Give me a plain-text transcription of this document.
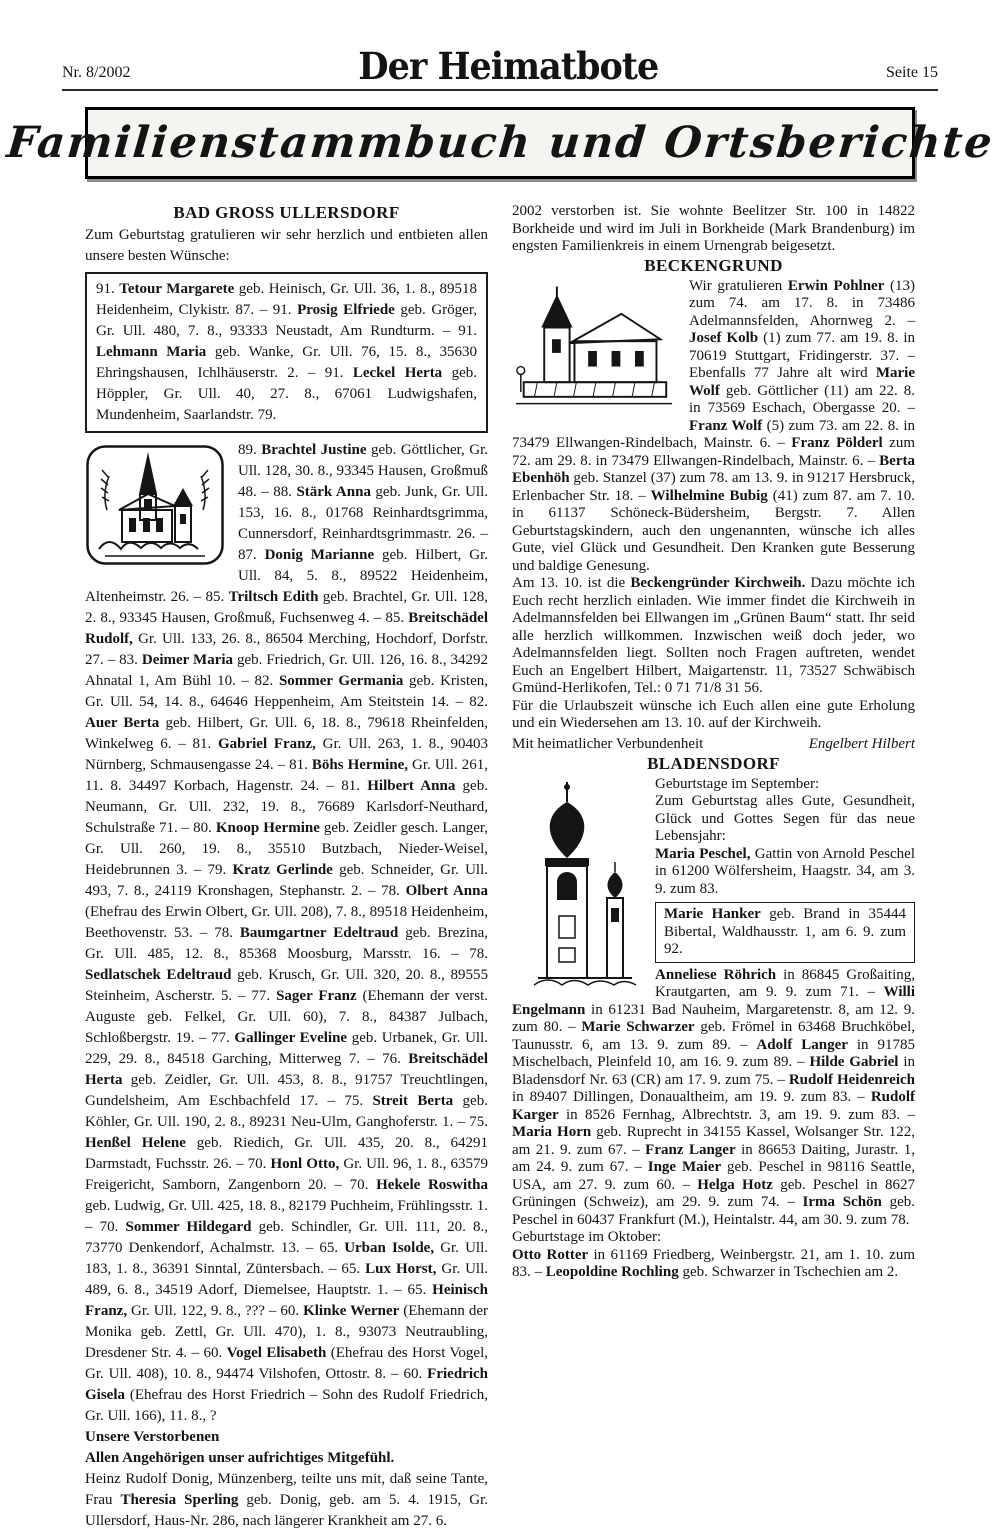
Nr. 8/2002	Der Heimatbote	Seite 15
Familienstammbuch und Ortsberichte
BAD GROSS ULLERSDORF

Zum Geburtstag gratulieren wir sehr herzlich und entbieten allen unsere besten Wünsche:

91. Tetour Margarete geb. Heinisch, Gr. Ull. 36, 1. 8., 89518 Heidenheim, Clykistr. 87. – 91. Prosig Elfriede geb. Gröger, Gr. Ull. 480, 7. 8., 93333 Neustadt, Am Rundturm. – 91. Lehmann Maria geb. Wanke, Gr. Ull. 76, 15. 8., 35630 Ehringshausen, Ichlhäuserstr. 2. – 91. Leckel Herta geb. Höppler, Gr. Ull. 40, 27. 8., 67061 Ludwigshafen, Mundenheim, Saarlandstr. 79.

89. Brachtel Justine geb. Göttlicher, Gr. Ull. 128, 30. 8., 93345 Hausen, Großmuß 48. – 88. Stärk Anna geb. Junk, Gr. Ull. 153, 16. 8., 01768 Reinhardtsgrimma, Cunnersdorf, Reinhardtsgrimmastr. 26. – 87. Donig Marianne geb. Hilbert, Gr. Ull. 84, 5. 8., 89522 Heidenheim, Altenheimstr. 26. – 85. Triltsch Edith geb. Brachtel, Gr. Ull. 128, 2. 8., 93345 Hausen, Großmuß, Fuchsenweg 4. – 85. Breitschädel Rudolf, Gr. Ull. 133, 26. 8., 86504 Merching, Hochdorf, Dorfstr. 27. – 83. Deimer Maria geb. Friedrich, Gr. Ull. 126, 16. 8., 34292 Ahnatal 1, Am Bühl 10. – 82. Sommer Germania geb. Kristen, Gr. Ull. 54, 14. 8., 64646 Heppenheim, Am Steitstein 14. – 82. Auer Berta geb. Hilbert, Gr. Ull. 6, 18. 8., 79618 Rheinfelden, Winkelweg 6. – 81. Gabriel Franz, Gr. Ull. 263, 1. 8., 90403 Nürnberg, Schmausengasse 24. – 81. Böhs Hermine, Gr. Ull. 261, 11. 8. 34497 Korbach, Hagenstr. 24. – 81. Hilbert Anna geb. Neumann, Gr. Ull. 232, 19. 8., 76689 Karlsdorf-Neuthard, Schulstraße 71. – 80. Knoop Hermine geb. Zeidler gesch. Langer, Gr. Ull. 260, 19. 8., 35510 Butzbach, Nieder-Weisel, Heidebrunnen 3. – 79. Kratz Gerlinde geb. Schneider, Gr. Ull. 493, 7. 8., 24119 Kronshagen, Stephanstr. 2. – 78. Olbert Anna (Ehefrau des Erwin Olbert, Gr. Ull. 208), 7. 8., 89518 Heidenheim, Beethovenstr. 53. – 78. Baumgartner Edeltraud geb. Brezina, Gr. Ull. 485, 12. 8., 85368 Moosburg, Marsstr. 16. – 78. Sedlatschek Edeltraud geb. Krusch, Gr. Ull. 320, 20. 8., 89555 Steinheim, Ascherstr. 5. – 77. Sager Franz (Ehemann der verst. Auguste geb. Felkel, Gr. Ull. 60), 7. 8., 84387 Julbach, Schloßbergstr. 19. – 77. Gallinger Eveline geb. Urbanek, Gr. Ull. 229, 29. 8., 84518 Garching, Mitterweg 7. – 76. Breitschädel Herta geb. Zeidler, Gr. Ull. 453, 8. 8., 91757 Treuchtlingen, Gundelsheim, Am Eschbachfeld 17. – 75. Streit Berta geb. Köhler, Gr. Ull. 190, 2. 8., 89231 Neu-Ulm, Ganghoferstr. 1. – 75. Henßel Helene geb. Riedich, Gr. Ull. 435, 20. 8., 64291 Darmstadt, Fuchsstr. 26. – 70. Honl Otto, Gr. Ull. 96, 1. 8., 63579 Freigericht, Samborn, Zangenborn 20. – 70. Hekele Roswitha geb. Ludwig, Gr. Ull. 425, 18. 8., 82179 Puchheim, Frühlingsstr. 1. – 70. Sommer Hildegard geb. Schindler, Gr. Ull. 111, 20. 8., 73770 Denkendorf, Achalmstr. 13. – 65. Urban Isolde, Gr. Ull. 183, 1. 8., 36391 Sinntal, Züntersbach. – 65. Lux Horst, Gr. Ull. 489, 6. 8., 34519 Adorf, Diemelsee, Hauptstr. 1. – 65. Heinisch Franz, Gr. Ull. 122, 9. 8., ??? – 60. Klinke Werner (Ehemann der Monika geb. Zettl, Gr. Ull. 470), 1. 8., 93073 Neutraubling, Dresdener Str. 4. – 60. Vogel Elisabeth (Ehefrau des Horst Vogel, Gr. Ull. 408), 10. 8., 94474 Vilshofen, Ottostr. 8. – 60. Friedrich Gisela (Ehefrau des Horst Friedrich – Sohn des Rudolf Friedrich, Gr. Ull. 166), 11. 8., ?

Unsere Verstorbenen

Allen Angehörigen unser aufrichtiges Mitgefühl.

Heinz Rudolf Donig, Münzenberg, teilte uns mit, daß seine Tante, Frau Theresia Sperling geb. Donig, geb. am 5. 4. 1915, Gr. Ullersdorf, Haus-Nr. 286, nach längerer Krankheit am 27. 6.

2002 verstorben ist. Sie wohnte Beelitzer Str. 100 in 14822 Borkheide und wird im Juli in Borkheide (Mark Brandenburg) im engsten Familienkreis in einem Urnengrab beigesetzt.

BECKENGRUND

Wir gratulieren Erwin Pohlner (13) zum 74. am 17. 8. in 73486 Adelmannsfelden, Ahornweg 2. – Josef Kolb (1) zum 77. am 19. 8. in 70619 Stuttgart, Fridingerstr. 37. – Ebenfalls 77 Jahre alt wird Marie Wolf geb. Göttlicher (11) am 22. 8. in 73569 Eschach, Obergasse 20. – Franz Wolf (5) zum 73. am 22. 8. in 73479 Ellwangen-Rindelbach, Mainstr. 6. – Franz Pölderl zum 72. am 29. 8. in 73479 Ellwangen-Rindelbach, Mainstr. 6. – Berta Ebenhöh geb. Stanzel (37) zum 78. am 13. 9. in 91217 Hersbruck, Erlenbacher Str. 18. – Wilhelmine Bubig (41) zum 87. am 7. 10. in 61137 Schöneck-Büdersheim, Bergstr. 7. Allen Geburtstagskindern, auch den ungenannten, wünsche ich alles Gute, viel Glück und Gesundheit. Den Kranken gute Besserung und baldige Genesung.

Am 13. 10. ist die Beckengründer Kirchweih. Dazu möchte ich Euch recht herzlich einladen. Wie immer findet die Kirchweih in Adelmannsfelden bei Ellwangen im „Grünen Baum“ statt. Ihr seid alle herzlich willkommen. Inzwischen weiß doch jeder, wo Adelmannsfelden liegt. Sollten noch Fragen auftreten, wendet Euch an Engelbert Hilbert, Maigartenstr. 11, 73527 Schwäbisch Gmünd-Herlikofen, Tel.: 0 71 71/8 31 56.

Für die Urlaubszeit wünsche ich Euch allen eine gute Erholung und ein Wiedersehen am 13. 10. auf der Kirchweih.

Mit heimatlicher Verbundenheit	Engelbert Hilbert
BLADENSDORF

Geburtstage im September:

Zum Geburtstag alles Gute, Gesundheit, Glück und Gottes Segen für das neue Lebensjahr:

Maria Peschel, Gattin von Arnold Peschel in 61200 Wölfersheim, Haagstr. 34, am 3. 9. zum 83.

Marie Hanker geb. Brand in 35444 Bibertal, Waldhausstr. 1, am 6. 9. zum 92.

Anneliese Röhrich in 86845 Großaiting, Krautgarten, am 9. 9. zum 71. – Willi Engelmann in 61231 Bad Nauheim, Margaretenstr. 8, am 12. 9. zum 80. – Marie Schwarzer geb. Frömel in 63468 Bruchköbel, Taunusstr. 6, am 13. 9. zum 89. – Adolf Langer in 91785 Mischelbach, Pleinfeld 10, am 16. 9. zum 89. – Hilde Gabriel in Bladensdorf Nr. 63 (CR) am 17. 9. zum 75. – Rudolf Heidenreich in 89407 Dillingen, Donaualtheim, am 19. 9. zum 83. – Rudolf Karger in 8526 Fernhag, Albrechtstr. 3, am 19. 9. zum 83. – Maria Horn geb. Ruprecht in 34155 Kassel, Wolsanger Str. 122, am 21. 9. zum 67. – Franz Langer in 86653 Daiting, Jurastr. 1, am 24. 9. zum 67. – Inge Maier geb. Peschel in 98116 Seattle, USA, am 27. 9. zum 60. – Helga Hotz geb. Peschel in 8627 Grüningen (Schweiz), am 29. 9. zum 74. – Irma Schön geb. Peschel in 60437 Frankfurt (M.), Heintalstr. 44, am 30. 9. zum 78.

Geburtstage im Oktober:

Otto Rotter in 61169 Friedberg, Weinbergstr. 21, am 1. 10. zum 83. – Leopoldine Rochling geb. Schwarzer in Tschechien am 2.
